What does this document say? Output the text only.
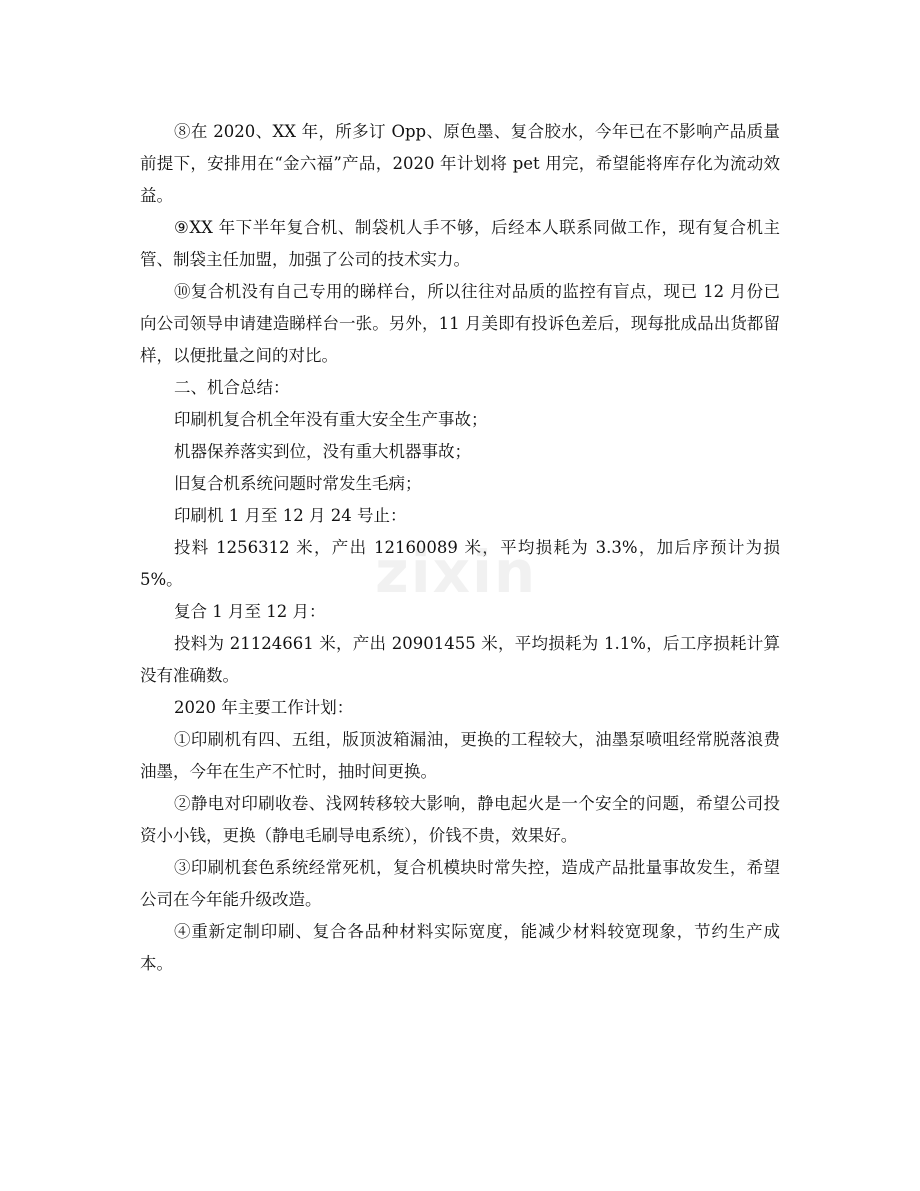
⑧在 2020、XX 年，所多订 Opp、原色墨、复合胶水，今年已在不影响产品质量前提下，安排用在“金六福”产品，2020 年计划将 pet 用完，希望能将库存化为流动效益。

⑨XX 年下半年复合机、制袋机人手不够，后经本人联系同做工作，现有复合机主管、制袋主任加盟，加强了公司的技术实力。

⑩复合机没有自己专用的睇样台，所以往往对品质的监控有盲点，现已 12 月份已向公司领导申请建造睇样台一张。另外，11 月美即有投诉色差后，现每批成品出货都留样，以便批量之间的对比。

二、机合总结：

印刷机复合机全年没有重大安全生产事故；

机器保养落实到位，没有重大机器事故；

旧复合机系统问题时常发生毛病；

印刷机 1 月至 12 月 24 号止：

投料 1256312 米，产出 12160089 米，平均损耗为 3.3%，加后序预计为损 5%。

复合 1 月至 12 月：

投料为 21124661 米，产出 20901455 米，平均损耗为 1.1%，后工序损耗计算没有准确数。

2020 年主要工作计划：

①印刷机有四、五组，版顶波箱漏油，更换的工程较大，油墨泵喷咀经常脱落浪费油墨，今年在生产不忙时，抽时间更换。

②静电对印刷收卷、浅网转移较大影响，静电起火是一个安全的问题，希望公司投资小小钱，更换（静电毛刷导电系统），价钱不贵，效果好。

③印刷机套色系统经常死机，复合机模块时常失控，造成产品批量事故发生，希望公司在今年能升级改造。

④重新定制印刷、复合各品种材料实际宽度，能减少材料较宽现象，节约生产成本。

zixin
